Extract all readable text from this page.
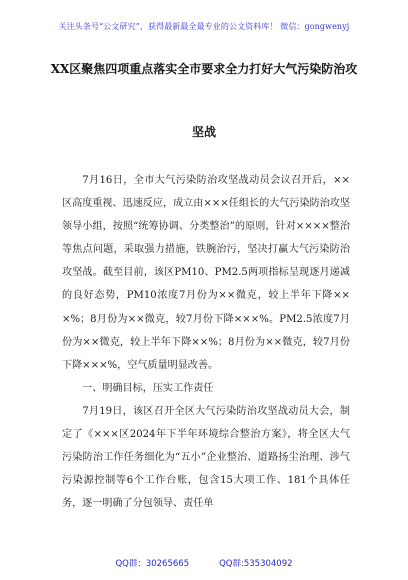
关注头条号“公文研究”，获得最新最全最专业的公文资料库！ 微信：gongwenyj
XX区聚焦四项重点落实全市要求全力打好大气污染防治攻
坚战

7月16日，全市大气污染防治攻坚战动员会议召开后，××区高度重视、迅速反应，成立由×××任组长的大气污染防治攻坚领导小组，按照“统筹协调、分类整治”的原则，针对××××整治等焦点问题，采取强力措施，铁腕治污，坚决打赢大气污染防治攻坚战。截至目前，该区PM10、PM2.5两项指标呈现逐月递减的良好态势，PM10浓度7月份为××微克，较上半年下降×××%；8月份为××微克，较7月份下降×××%。PM2.5浓度7月份为××微克，较上半年下降××%；8月份为××微克，较7月份下降×××%，空气质量明显改善。

一、明确目标，压实工作责任

7月19日，该区召开全区大气污染防治攻坚战动员大会，制定了《×××区2024年下半年环境综合整治方案》，将全区大气污染防治工作任务细化为“五小”企业整治、道路扬尘治理、涉气污染源控制等6个工作台账，包含15大项工作、181个具体任务，逐一明确了分包领导、责任单

QQ群：30265665	QQ群:535304092
